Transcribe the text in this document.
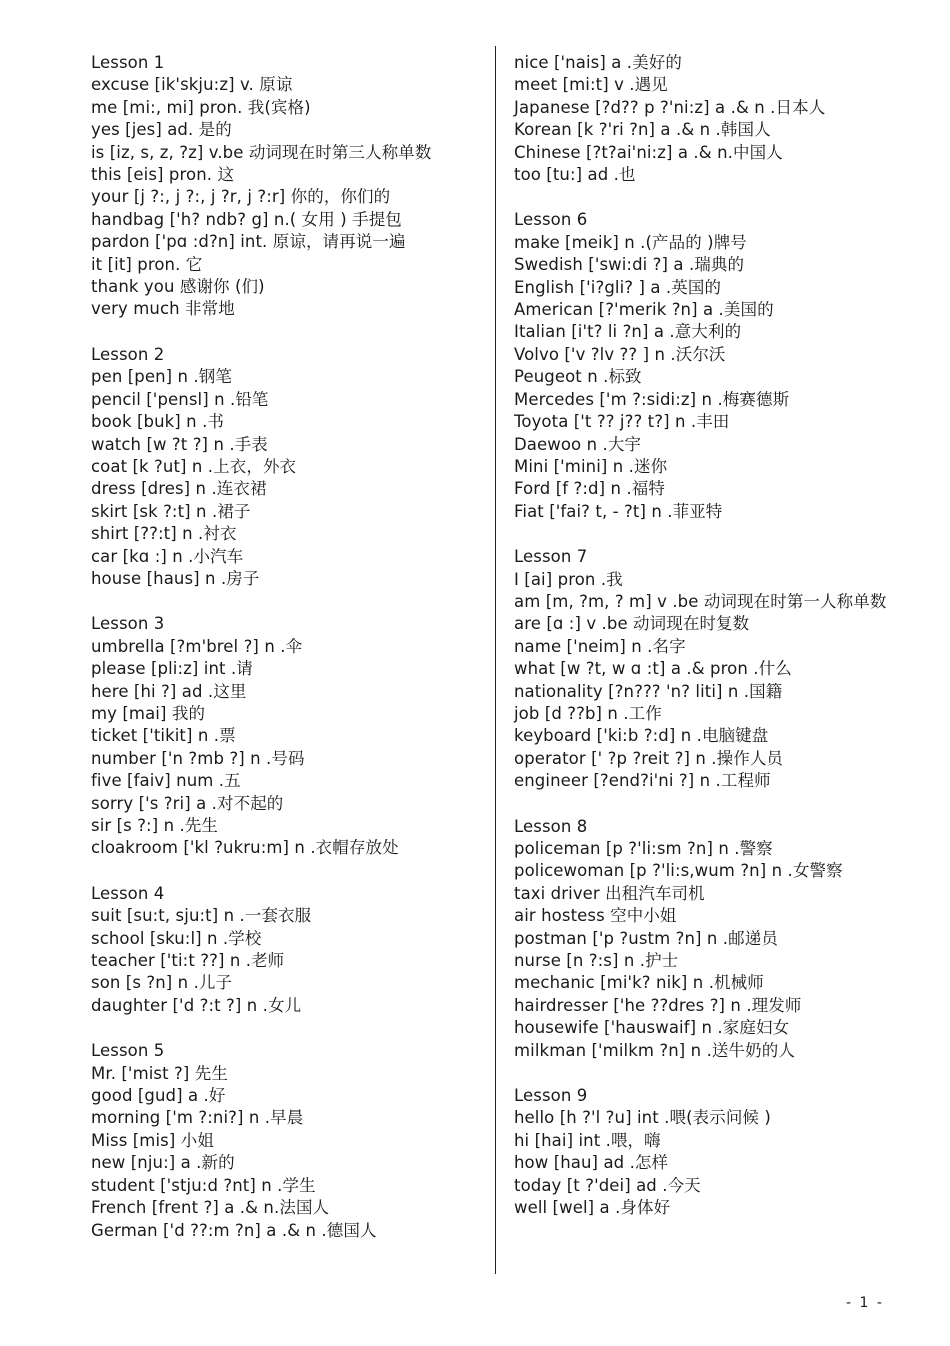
Lesson 1
excuse [ik'skju:z] v. 原谅
me [mi:, mi] pron. 我(宾格)
yes [jes] ad. 是的
is [iz, s, z, ?z] v.be 动词现在时第三人称单数
this [eis] pron. 这
your [j ?:, j ?:, j ?r, j ?:r] 你的，你们的
handbag ['h? ndb? g] n.( 女用 ) 手提包
pardon ['pɑ :d?n] int. 原谅，请再说一遍
it [it] pron. 它
thank you 感谢你 (们)
very much 非常地
Lesson 2
pen [pen] n .钢笔
pencil ['pensl] n .铅笔
book [buk] n .书
watch [w ?t ?] n .手表
coat [k ?ut] n .上衣，外衣
dress [dres] n .连衣裙
skirt [sk ?:t] n .裙子
shirt [??:t] n .衬衣
car [kɑ :] n .小汽车
house [haus] n .房子
Lesson 3
umbrella [?m'brel ?] n .伞
please [pli:z] int .请
here [hi ?] ad .这里
my [mai] 我的
ticket ['tikit] n .票
number ['n ?mb ?] n .号码
five [faiv] num .五
sorry ['s ?ri] a .对不起的
sir [s ?:] n .先生
cloakroom ['kl ?ukru:m] n .衣帽存放处
Lesson 4
suit [su:t, sju:t] n .一套衣服
school [sku:l] n .学校
teacher ['ti:t ??] n .老师
son [s ?n] n .儿子
daughter ['d ?:t ?] n .女儿
Lesson 5
Mr. ['mist ?] 先生
good [gud] a .好
morning ['m ?:ni?] n .早晨
Miss [mis] 小姐
new [nju:] a .新的
student ['stju:d ?nt] n .学生
French [frent ?] a .& n.法国人
German ['d ??:m ?n] a .& n .德国人
nice ['nais] a .美好的
meet [mi:t] v .遇见
Japanese [?d?? p ?'ni:z] a .& n .日本人
Korean [k ?'ri ?n] a .& n .韩国人
Chinese [?t?ai'ni:z] a .& n.中国人
too [tu:] ad .也
Lesson 6
make [meik] n .(产品的 )牌号
Swedish ['swi:di ?] a .瑞典的
English ['i?gli? ] a .英国的
American [?'merik ?n] a .美国的
Italian [i't? li ?n] a .意大利的
Volvo ['v ?lv ?? ] n .沃尔沃
Peugeot n .标致
Mercedes ['m ?:sidi:z] n .梅赛德斯
Toyota ['t ?? j?? t?] n .丰田
Daewoo n .大宇
Mini ['mini] n .迷你
Ford [f ?:d] n .福特
Fiat ['fai? t, - ?t] n .菲亚特
Lesson 7
I [ai] pron .我
am [m, ?m, ? m] v .be 动词现在时第一人称单数
are [ɑ :] v .be 动词现在时复数
name ['neim] n .名字
what [w ?t, w ɑ :t] a .& pron .什么
nationality [?n??? 'n? liti] n .国籍
job [d ??b] n .工作
keyboard ['ki:b ?:d] n .电脑键盘
operator [' ?p ?reit ?] n .操作人员
engineer [?end?i'ni ?] n .工程师
Lesson 8
policeman [p ?'li:sm ?n] n .警察
policewoman [p ?'li:s,wum ?n] n .女警察
taxi driver 出租汽车司机
air hostess 空中小姐
postman ['p ?ustm ?n] n .邮递员
nurse [n ?:s] n .护士
mechanic [mi'k? nik] n .机械师
hairdresser ['he ??dres ?] n .理发师
housewife ['hauswaif] n .家庭妇女
milkman ['milkm ?n] n .送牛奶的人
Lesson 9
hello [h ?'l ?u] int .喂(表示问候 )
hi [hai] int .喂，嗨
how [hau] ad .怎样
today [t ?'dei] ad .今天
well [wel] a .身体好
- 1 -
